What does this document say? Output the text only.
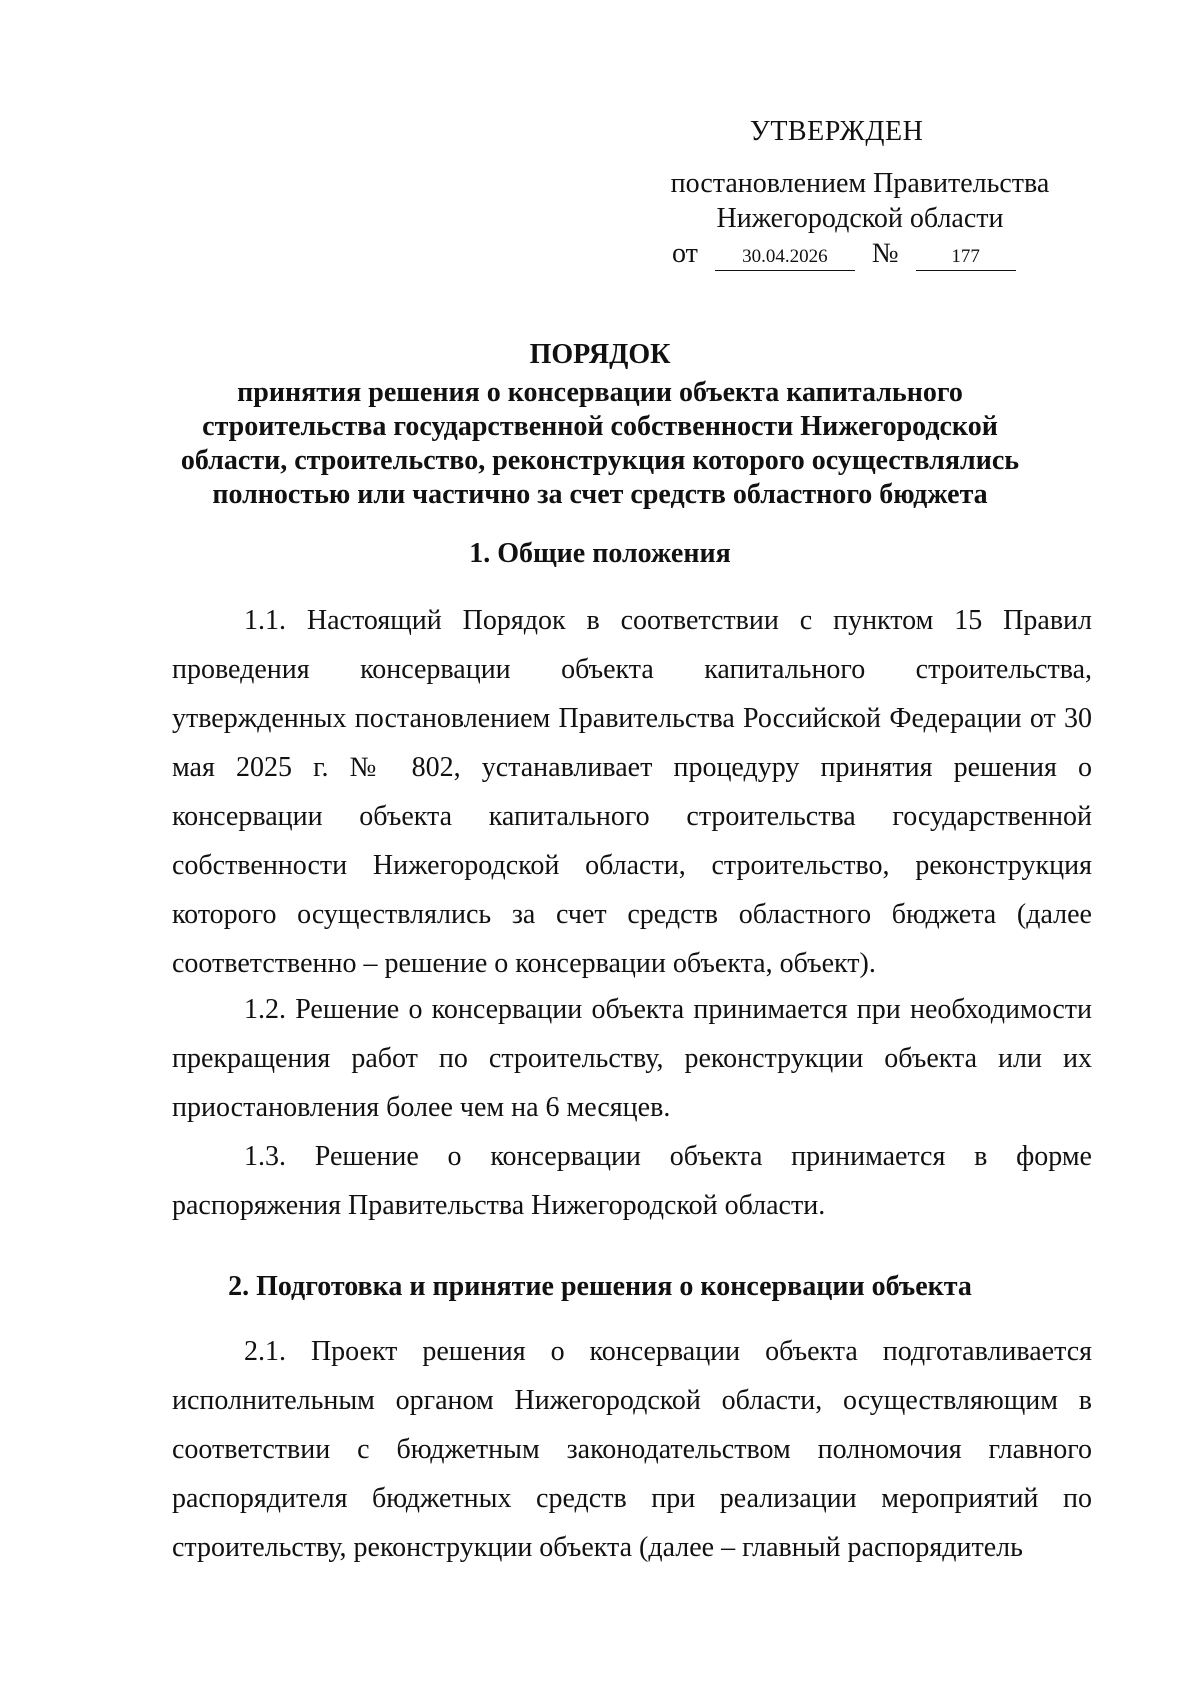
УТВЕРЖДЕН
постановлением Правительства
Нижегородской области
от 30.04.2026 №	177
ПОРЯДОК
принятия решения о консервации объекта капитального строительства государственной собственности Нижегородской области, строительство, реконструкция которого осуществлялись полностью или частично за счет средств областного бюджета
1. Общие положения
1.1. Настоящий Порядок в соответствии с пунктом 15 Правил проведения консервации объекта капитального строительства, утвержденных постановлением Правительства Российской Федерации от 30 мая 2025 г. № 802, устанавливает процедуру принятия решения о консервации объекта капитального строительства государственной собственности Нижегородской области, строительство, реконструкция которого осуществлялись за счет средств областного бюджета (далее соответственно – решение о консервации объекта, объект).
1.2. Решение о консервации объекта принимается при необходимости прекращения работ по строительству, реконструкции объекта или их приостановления более чем на 6 месяцев.
1.3. Решение о консервации объекта принимается в форме распоряжения Правительства Нижегородской области.
2. Подготовка и принятие решения о консервации объекта
2.1. Проект решения о консервации объекта подготавливается исполнительным органом Нижегородской области, осуществляющим в соответствии с бюджетным законодательством полномочия главного распорядителя бюджетных средств при реализации мероприятий по строительству, реконструкции объекта (далее – главный распорядитель
